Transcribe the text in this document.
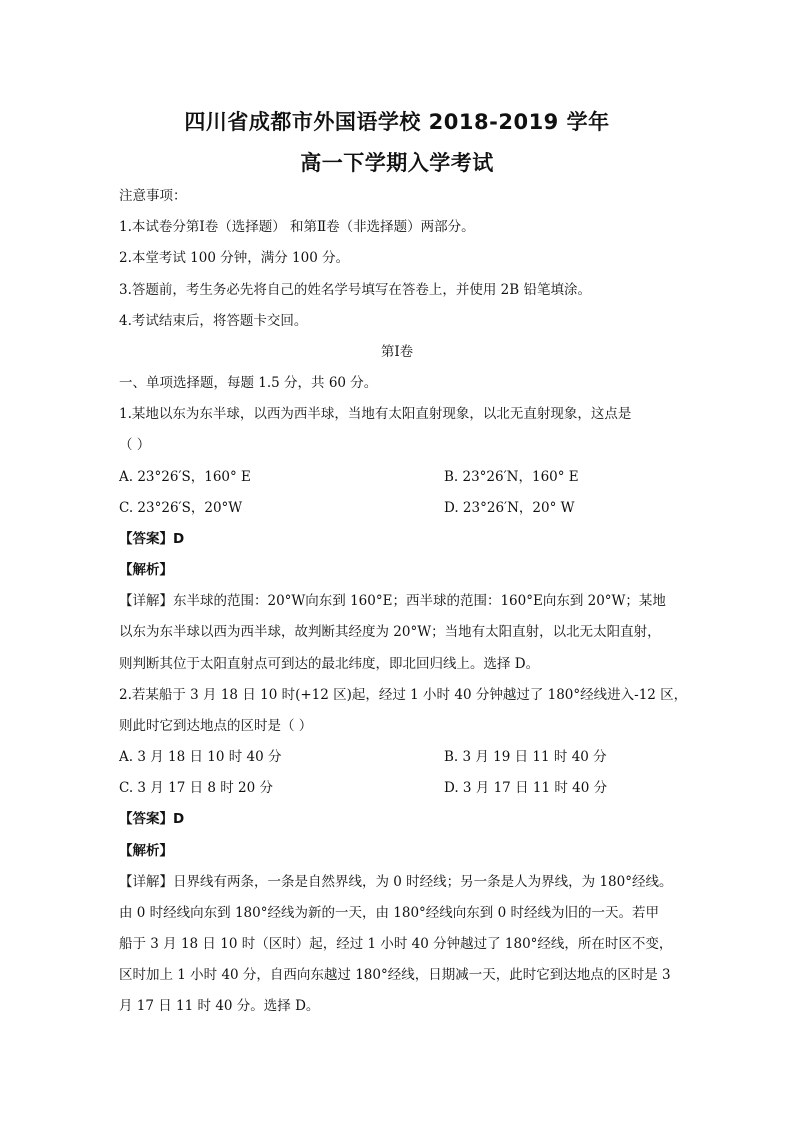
四川省成都市外国语学校 2018-2019 学年
高一下学期入学考试
注意事项：
1.本试卷分第Ⅰ卷（选择题） 和第Ⅱ卷（非选择题）两部分。
2.本堂考试 100 分钟，满分 100 分。
3.答题前，考生务必先将自己的姓名学号填写在答卷上，并使用 2B 铅笔填涂。
4.考试结束后，将答题卡交回。
第Ⅰ卷
一、单项选择题，每题 1.5 分，共 60 分。
1.某地以东为东半球，以西为西半球，当地有太阳直射现象，以北无直射现象，这点是
（ ）
A. 23°26′S，160° E	B. 23°26′N，160° E
C. 23°26′S，20°W	D. 23°26′N，20° W
【答案】D
【解析】
【详解】东半球的范围：20°W向东到 160°E；西半球的范围：160°E向东到 20°W；某地
以东为东半球以西为西半球，故判断其经度为 20°W；当地有太阳直射，以北无太阳直射，
则判断其位于太阳直射点可到达的最北纬度，即北回归线上。选择 D。
2.若某船于 3 月 18 日 10 时(+12 区)起，经过 1 小时 40 分钟越过了 180°经线进入-12 区，
则此时它到达地点的区时是（ ）
A. 3 月 18 日 10 时 40 分	B. 3 月 19 日 11 时 40 分
C. 3 月 17 日 8 时 20 分	D. 3 月 17 日 11 时 40 分
【答案】D
【解析】
【详解】日界线有两条，一条是自然界线，为 0 时经线；另一条是人为界线，为 180°经线。
由 0 时经线向东到 180°经线为新的一天，由 180°经线向东到 0 时经线为旧的一天。若甲
船于 3 月 18 日 10 时（区时）起，经过 1 小时 40 分钟越过了 180°经线，所在时区不变，
区时加上 1 小时 40 分，自西向东越过 180°经线，日期减一天，此时它到达地点的区时是 3
月 17 日 11 时 40 分。选择 D。
